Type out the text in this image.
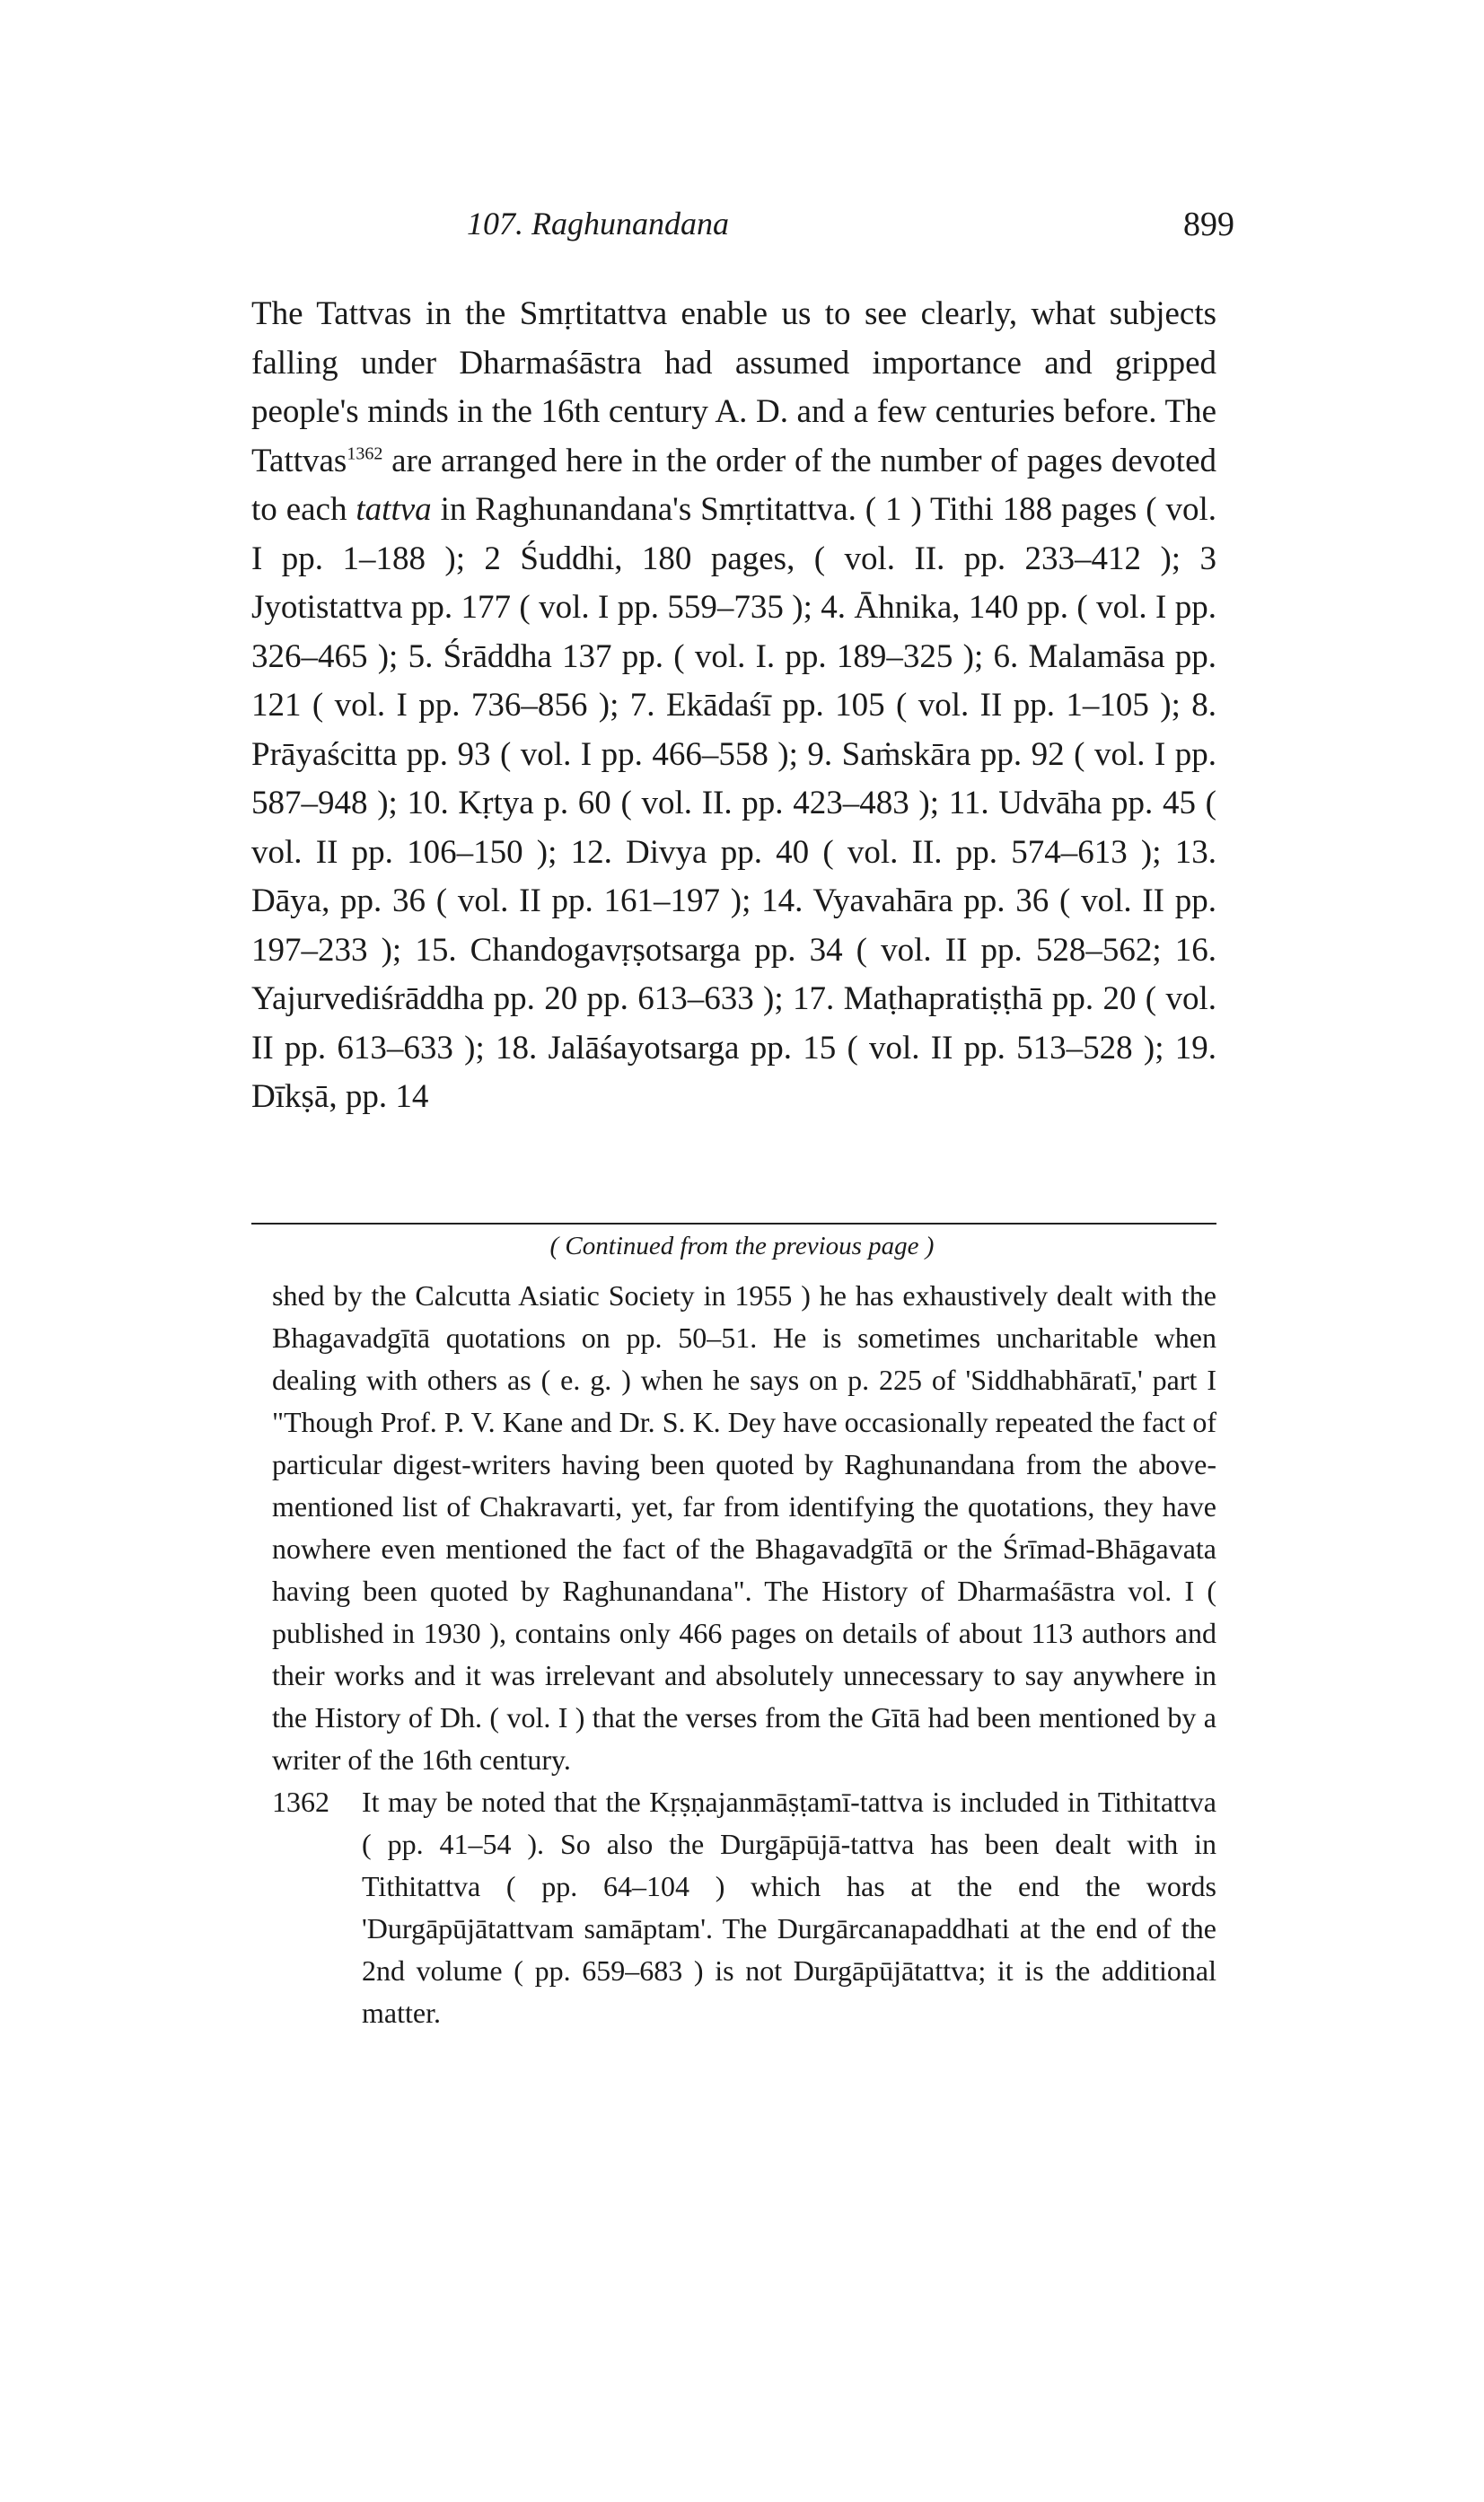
107. Raghunandana	899

The Tattvas in the Smṛtitattva enable us to see clearly, what subjects falling under Dharmaśāstra had assumed importance and gripped people's minds in the 16th century A. D. and a few centuries before. The Tattvas$^{1362}$ are arranged here in the order of the number of pages devoted to each tattva in Raghunandana's Smṛtitattva. ( 1 ) Tithi 188 pages ( vol. I pp. 1–188 ); 2 Śuddhi, 180 pages, ( vol. II. pp. 233–412 ); 3 Jyotistattva pp. 177 ( vol. I pp. 559–735 ); 4. Āhnika, 140 pp. ( vol. I pp. 326–465 ); 5. Śrāddha 137 pp. ( vol. I. pp. 189–325 ); 6. Malamāsa pp. 121 ( vol. I pp. 736–856 ); 7. Ekādaśī pp. 105 ( vol. II pp. 1–105 ); 8. Prāyaścitta pp. 93 ( vol. I pp. 466–558 ); 9. Saṁskāra pp. 92 ( vol. I pp. 587–948 ); 10. Kṛtya p. 60 ( vol. II. pp. 423–483 ); 11. Udvāha pp. 45 ( vol. II pp. 106–150 ); 12. Divya pp. 40 ( vol. II. pp. 574–613 ); 13. Dāya, pp. 36 ( vol. II pp. 161–197 ); 14. Vyavahāra pp. 36 ( vol. II pp. 197–233 ); 15. Chandogavṛṣotsarga pp. 34 ( vol. II pp. 528–562; 16. Yajurvediśrāddha pp. 20 pp. 613–633 ); 17. Maṭhapratiṣṭhā pp. 20 ( vol. II pp. 613–633 ); 18. Jalāśayotsarga pp. 15 ( vol. II pp. 513–528 ); 19. Dīkṣā, pp. 14

( Continued from the previous page )

shed by the Calcutta Asiatic Society in 1955 ) he has exhaustively dealt with the Bhagavadgītā quotations on pp. 50–51. He is sometimes uncharitable when dealing with others as ( e. g. ) when he says on p. 225 of 'Siddhabhāratī,' part I "Though Prof. P. V. Kane and Dr. S. K. Dey have occasionally repeated the fact of particular digest-writers having been quoted by Raghunandana from the above-mentioned list of Chakravarti, yet, far from identifying the quotations, they have nowhere even mentioned the fact of the Bhagavadgītā or the Śrīmad-Bhāgavata having been quoted by Raghunandana". The History of Dharmaśāstra vol. I ( published in 1930 ), contains only 466 pages on details of about 113 authors and their works and it was irrelevant and absolutely unnecessary to say anywhere in the History of Dh. ( vol. I ) that the verses from the Gītā had been mentioned by a writer of the 16th century.

1362	It may be noted that the Kṛṣṇajanmāṣṭamī-tattva is included in Tithitattva ( pp. 41–54 ). So also the Durgāpūjā-tattva has been dealt with in Tithitattva ( pp. 64–104 ) which has at the end the words 'Durgāpūjātattvam samāptam'. The Durgārcanapaddhati at the end of the 2nd volume ( pp. 659–683 ) is not Durgāpūjātattva; it is the additional matter.
